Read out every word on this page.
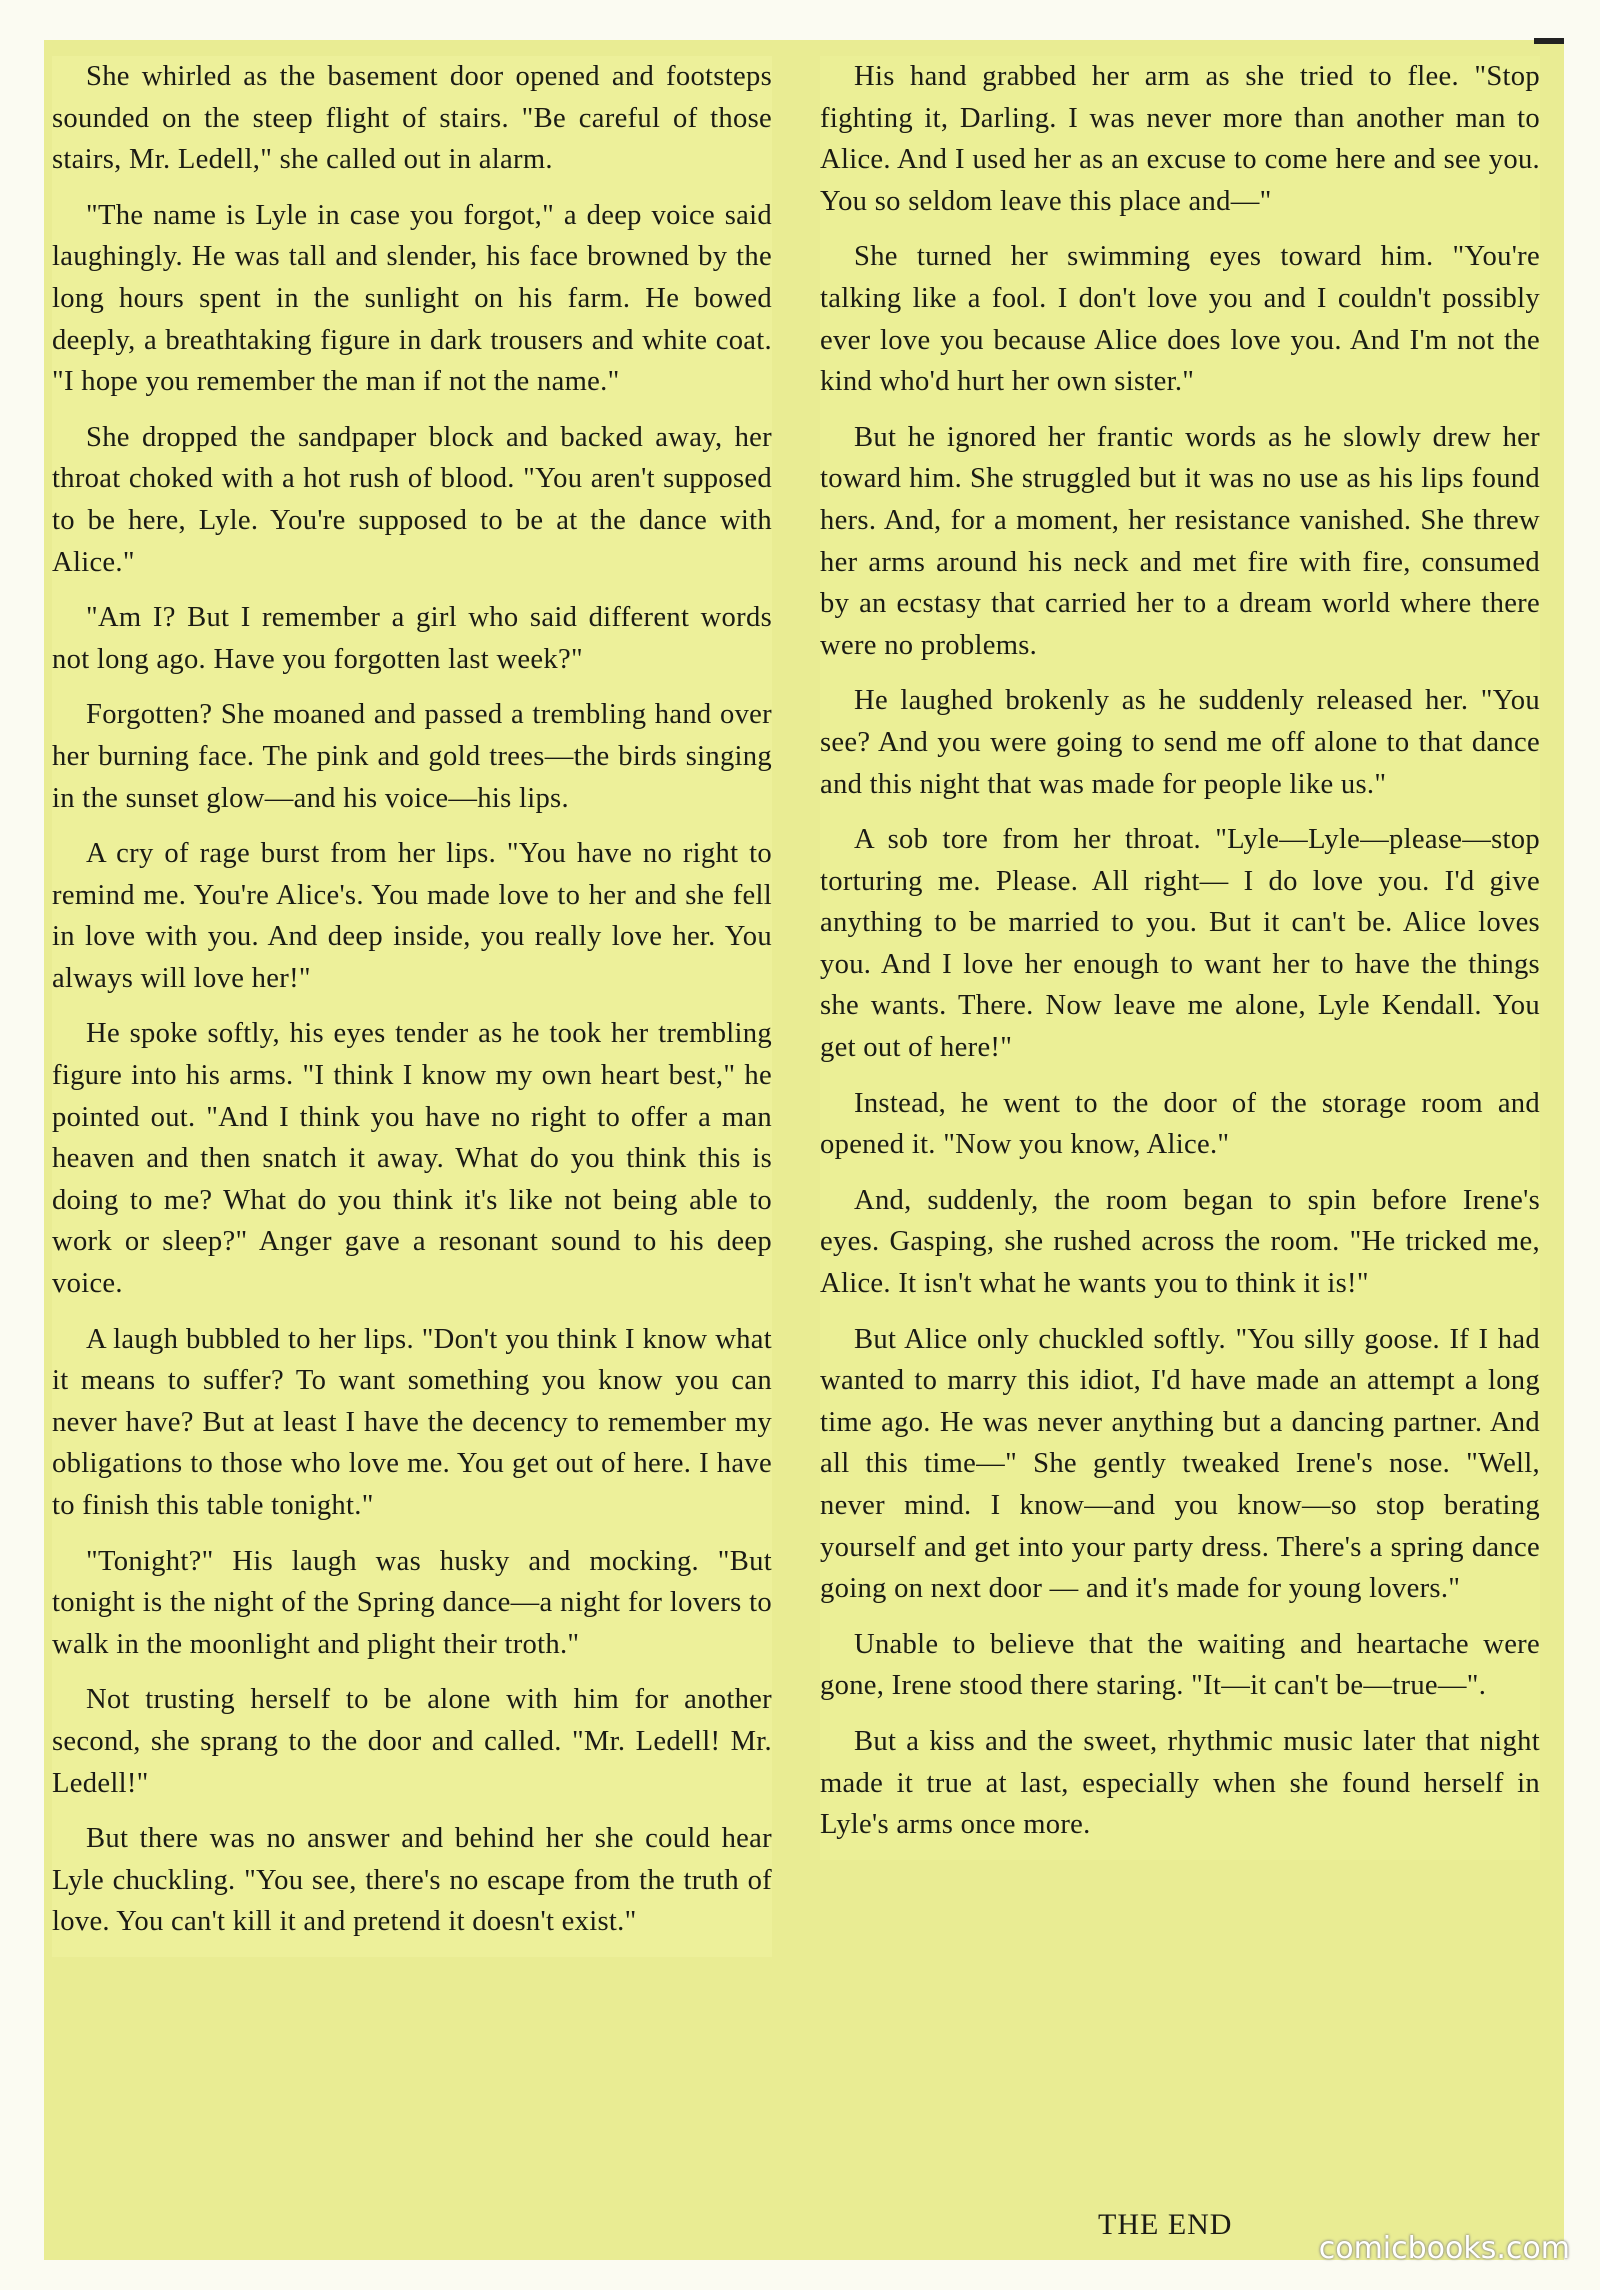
She whirled as the basement door opened and footsteps sounded on the steep flight of stairs. "Be careful of those stairs, Mr. Ledell," she called out in alarm.

"The name is Lyle in case you forgot," a deep voice said laughingly. He was tall and slender, his face browned by the long hours spent in the sunlight on his farm. He bowed deeply, a breathtaking figure in dark trousers and white coat. "I hope you remember the man if not the name."

She dropped the sandpaper block and backed away, her throat choked with a hot rush of blood. "You aren't supposed to be here, Lyle. You're supposed to be at the dance with Alice."

"Am I? But I remember a girl who said different words not long ago. Have you forgotten last week?"

Forgotten? She moaned and passed a trembling hand over her burning face. The pink and gold trees—the birds singing in the sunset glow—and his voice—his lips.

A cry of rage burst from her lips. "You have no right to remind me. You're Alice's. You made love to her and she fell in love with you. And deep inside, you really love her. You always will love her!"

He spoke softly, his eyes tender as he took her trembling figure into his arms. "I think I know my own heart best," he pointed out. "And I think you have no right to offer a man heaven and then snatch it away. What do you think this is doing to me? What do you think it's like not being able to work or sleep?" Anger gave a resonant sound to his deep voice.

A laugh bubbled to her lips. "Don't you think I know what it means to suffer? To want something you know you can never have? But at least I have the decency to remember my obligations to those who love me. You get out of here. I have to finish this table tonight."

"Tonight?" His laugh was husky and mocking. "But tonight is the night of the Spring dance—a night for lovers to walk in the moonlight and plight their troth."

Not trusting herself to be alone with him for another second, she sprang to the door and called. "Mr. Ledell! Mr. Ledell!"

But there was no answer and behind her she could hear Lyle chuckling. "You see, there's no escape from the truth of love. You can't kill it and pretend it doesn't exist."

His hand grabbed her arm as she tried to flee. "Stop fighting it, Darling. I was never more than another man to Alice. And I used her as an excuse to come here and see you. You so seldom leave this place and—"

She turned her swimming eyes toward him. "You're talking like a fool. I don't love you and I couldn't possibly ever love you because Alice does love you. And I'm not the kind who'd hurt her own sister."

But he ignored her frantic words as he slowly drew her toward him. She struggled but it was no use as his lips found hers. And, for a moment, her resistance vanished. She threw her arms around his neck and met fire with fire, consumed by an ecstasy that carried her to a dream world where there were no problems.

He laughed brokenly as he suddenly released her. "You see? And you were going to send me off alone to that dance and this night that was made for people like us."

A sob tore from her throat. "Lyle—Lyle—please—stop torturing me. Please. All right— I do love you. I'd give anything to be married to you. But it can't be. Alice loves you. And I love her enough to want her to have the things she wants. There. Now leave me alone, Lyle Kendall. You get out of here!"

Instead, he went to the door of the storage room and opened it. "Now you know, Alice."

And, suddenly, the room began to spin before Irene's eyes. Gasping, she rushed across the room. "He tricked me, Alice. It isn't what he wants you to think it is!"

But Alice only chuckled softly. "You silly goose. If I had wanted to marry this idiot, I'd have made an attempt a long time ago. He was never anything but a dancing partner. And all this time—" She gently tweaked Irene's nose. "Well, never mind. I know—and you know—so stop berating yourself and get into your party dress. There's a spring dance going on next door — and it's made for young lovers."

Unable to believe that the waiting and heartache were gone, Irene stood there staring. "It—it can't be—true—".

But a kiss and the sweet, rhythmic music later that night made it true at last, especially when she found herself in Lyle's arms once more.

THE END
comicbooks.com
